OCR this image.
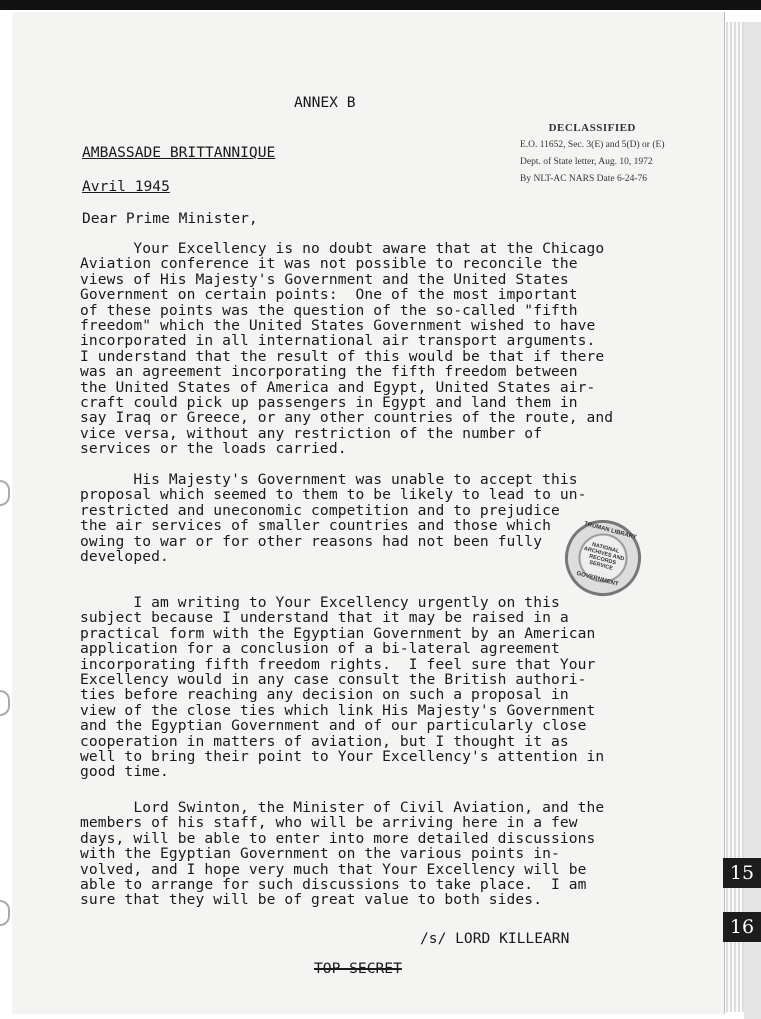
ANNEX B
AMBASSADE BRITTANNIQUE
Avril 1945
Dear Prime Minister,
DECLASSIFIED
E.O. 11652, Sec. 3(E) and 5(D) or (E)
Dept. of State letter, Aug. 10, 1972
By NLT-AC NARS Date 6-24-76
Your Excellency is no doubt aware that at the Chicago
Aviation conference it was not possible to reconcile the
views of His Majesty's Government and the United States
Government on certain points:  One of the most important
of these points was the question of the so-called "fifth
freedom" which the United States Government wished to have
incorporated in all international air transport arguments.
I understand that the result of this would be that if there
was an agreement incorporating the fifth freedom between
the United States of America and Egypt, United States air-
craft could pick up passengers in Egypt and land them in
say Iraq or Greece, or any other countries of the route, and
vice versa, without any restriction of the number of
services or the loads carried.
His Majesty's Government was unable to accept this
proposal which seemed to them to be likely to lead to un-
restricted and uneconomic competition and to prejudice
the air services of smaller countries and those which
owing to war or for other reasons had not been fully
developed.
I am writing to Your Excellency urgently on this
subject because I understand that it may be raised in a
practical form with the Egyptian Government by an American
application for a conclusion of a bi-lateral agreement
incorporating fifth freedom rights.  I feel sure that Your
Excellency would in any case consult the British authori-
ties before reaching any decision on such a proposal in
view of the close ties which link His Majesty's Government
and the Egyptian Government and of our particularly close
cooperation in matters of aviation, but I thought it as
well to bring their point to Your Excellency's attention in
good time.
Lord Swinton, the Minister of Civil Aviation, and the
members of his staff, who will be arriving here in a few
days, will be able to enter into more detailed discussions
with the Egyptian Government on the various points in-
volved, and I hope very much that Your Excellency will be
able to arrange for such discussions to take place.  I am
sure that they will be of great value to both sides.
/s/ LORD KILLEARN
TOP SECRET
TRUMAN LIBRARY
NATIONAL ARCHIVES AND RECORDS SERVICE
GOVERNMENT
15
16
